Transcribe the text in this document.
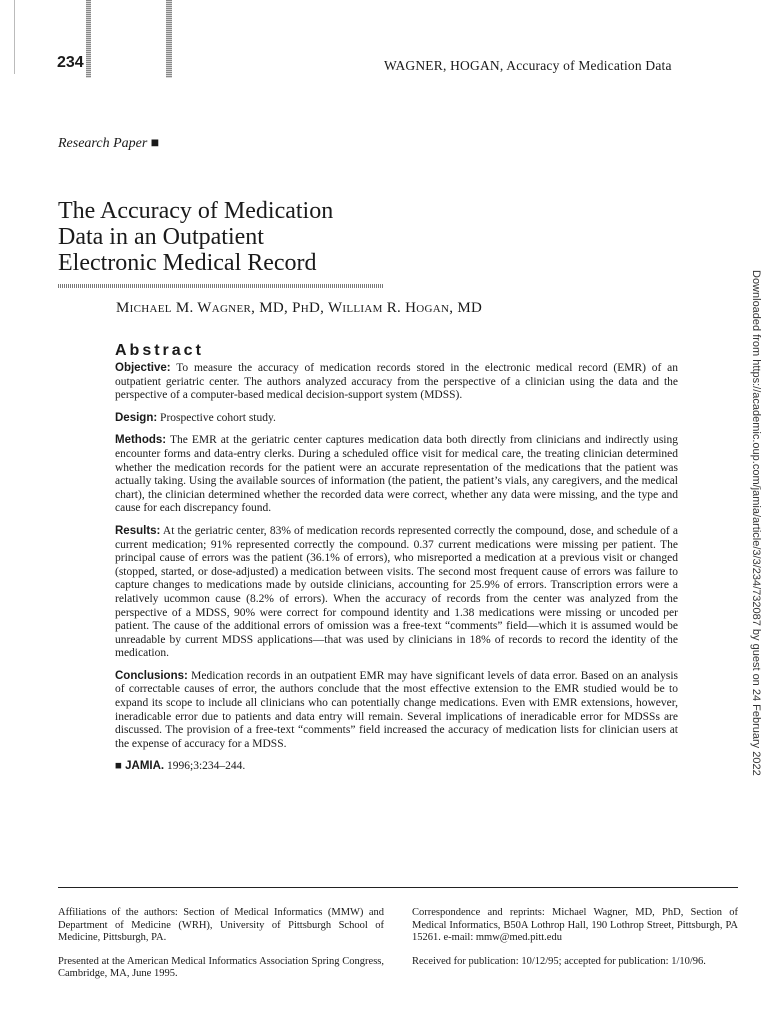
234	WAGNER, HOGAN, Accuracy of Medication Data
Research Paper ■
The Accuracy of Medication
Data in an Outpatient
Electronic Medical Record
Michael M. Wagner, MD, PhD, William R. Hogan, MD
Abstract

Objective: To measure the accuracy of medication records stored in the electronic medical record (EMR) of an outpatient geriatric center. The authors analyzed accuracy from the perspective of a clinician using the data and the perspective of a computer-based medical decision-support system (MDSS).

Design: Prospective cohort study.

Methods: The EMR at the geriatric center captures medication data both directly from clinicians and indirectly using encounter forms and data-entry clerks. During a scheduled office visit for medical care, the treating clinician determined whether the medication records for the patient were an accurate representation of the medications that the patient was actually taking. Using the available sources of information (the patient, the patient’s vials, any caregivers, and the medical chart), the clinician determined whether the recorded data were correct, whether any data were missing, and the type and cause for each discrepancy found.

Results: At the geriatric center, 83% of medication records represented correctly the compound, dose, and schedule of a current medication; 91% represented correctly the compound. 0.37 current medications were missing per patient. The principal cause of errors was the patient (36.1% of errors), who misreported a medication at a previous visit or changed (stopped, started, or dose-adjusted) a medication between visits. The second most frequent cause of errors was failure to capture changes to medications made by outside clinicians, accounting for 25.9% of errors. Transcription errors were a relatively ucommon cause (8.2% of errors). When the accuracy of records from the center was analyzed from the perspective of a MDSS, 90% were correct for compound identity and 1.38 medications were missing or uncoded per patient. The cause of the additional errors of omission was a free-text “comments” field—which it is assumed would be unreadable by current MDSS applications—that was used by clinicians in 18% of records to record the identity of the medication.

Conclusions: Medication records in an outpatient EMR may have significant levels of data error. Based on an analysis of correctable causes of error, the authors conclude that the most effective extension to the EMR studied would be to expand its scope to include all clinicians who can potentially change medications. Even with EMR extensions, however, ineradicable error due to patients and data entry will remain. Several implications of ineradicable error for MDSSs are discussed. The provision of a free-text “comments” field increased the accuracy of medication lists for clinician users at the expense of accuracy for a MDSS.

■ JAMIA. 1996;3:234–244.

Affiliations of the authors: Section of Medical Informatics (MMW) and Department of Medicine (WRH), University of Pittsburgh School of Medicine, Pittsburgh, PA.

Presented at the American Medical Informatics Association Spring Congress, Cambridge, MA, June 1995.

Correspondence and reprints: Michael Wagner, MD, PhD, Section of Medical Informatics, B50A Lothrop Hall, 190 Lothrop Street, Pittsburgh, PA 15261. e-mail: mmw@med.pitt.edu

Received for publication: 10/12/95; accepted for publication: 1/10/96.

Downloaded from https://academic.oup.com/jamia/article/3/3/234/732087 by guest on 24 February 2022
